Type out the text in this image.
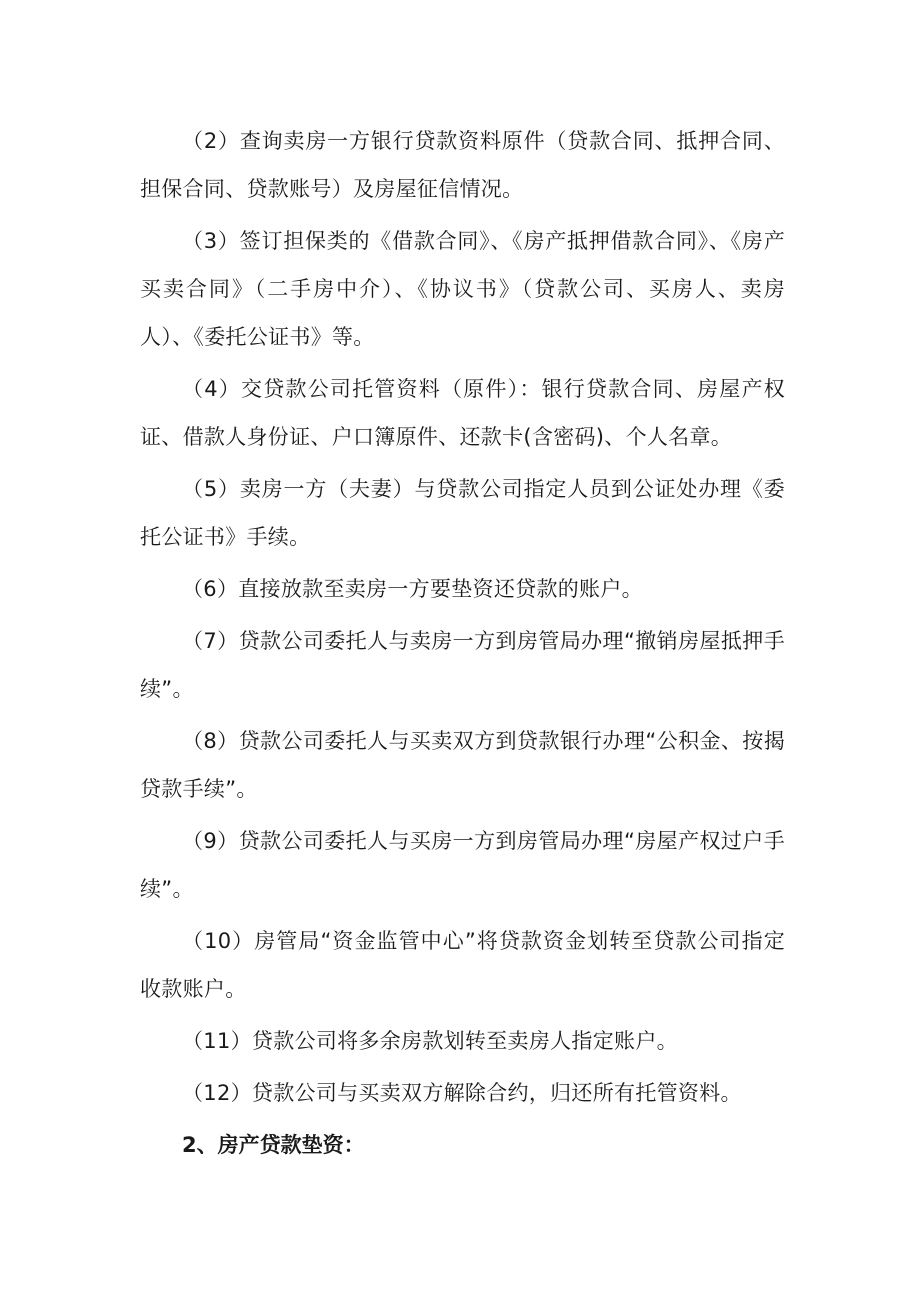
（2）查询卖房一方银行贷款资料原件（贷款合同、抵押合同、担保合同、贷款账号）及房屋征信情况。

（3）签订担保类的《借款合同》、《房产抵押借款合同》、《房产买卖合同》（二手房中介）、《协议书》（贷款公司、买房人、卖房人）、《委托公证书》等。

（4）交贷款公司托管资料（原件）：银行贷款合同、房屋产权证、借款人身份证、户口簿原件、还款卡(含密码)、个人名章。

（5）卖房一方（夫妻）与贷款公司指定人员到公证处办理《委托公证书》手续。

（6）直接放款至卖房一方要垫资还贷款的账户。

（7）贷款公司委托人与卖房一方到房管局办理“撤销房屋抵押手续”。

（8）贷款公司委托人与买卖双方到贷款银行办理“公积金、按揭贷款手续”。

（9）贷款公司委托人与买房一方到房管局办理“房屋产权过户手续”。

（10）房管局“资金监管中心”将贷款资金划转至贷款公司指定收款账户。

（11）贷款公司将多余房款划转至卖房人指定账户。

（12）贷款公司与买卖双方解除合约，归还所有托管资料。

2、房产贷款垫资：
